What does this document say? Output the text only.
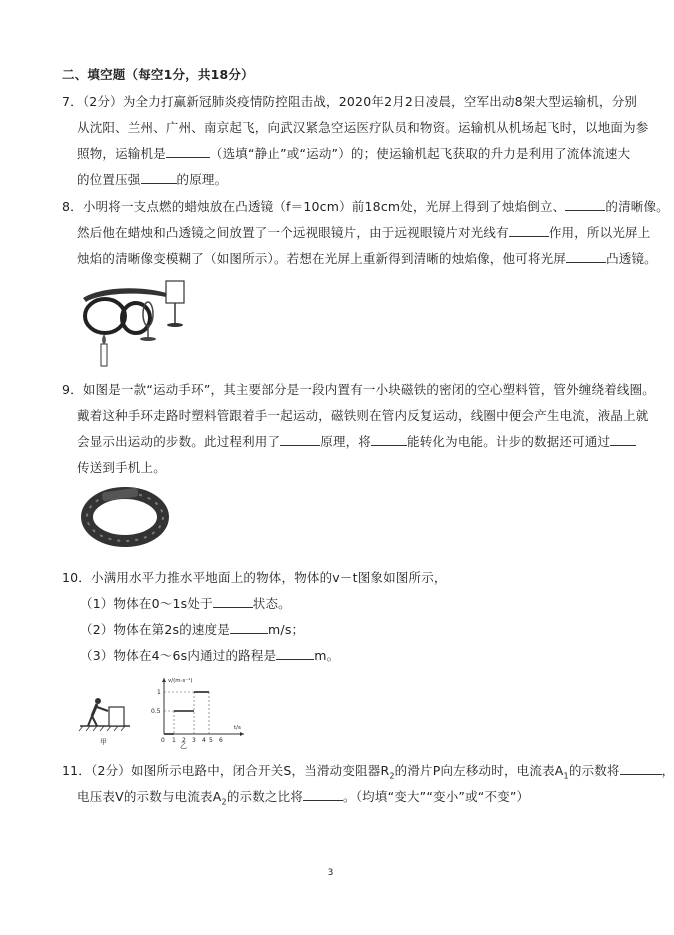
二、填空题（每空1分，共18分）
7．（2分）为全力打赢新冠肺炎疫情防控阻击战，2020年2月2日凌晨，空军出动8架大型运输机，分别
从沈阳、兰州、广州、南京起飞，向武汉紧急空运医疗队员和物资。运输机从机场起飞时，以地面为参
照物，运输机是	（选填“静止”或“运动”）的；使运输机起飞获取的升力是利用了流体流速大
的位置压强	的原理。
8．小明将一支点燃的蜡烛放在凸透镜（f＝10cm）前18cm处，光屏上得到了烛焰倒立、	的清晰像。
然后他在蜡烛和凸透镜之间放置了一个远视眼镜片，由于远视眼镜片对光线有	作用，所以光屏上
烛焰的清晰像变模糊了（如图所示）。若想在光屏上重新得到清晰的烛焰像，他可将光屏	凸透镜。
9．如图是一款“运动手环”，其主要部分是一段内置有一小块磁铁的密闭的空心塑料管，管外缠绕着线圈。
戴着这种手环走路时塑料管跟着手一起运动，磁铁则在管内反复运动，线圈中便会产生电流，液晶上就
会显示出运动的步数。此过程利用了	原理，将	能转化为电能。计步的数据还可通过
传送到手机上。
10．小满用水平力推水平地面上的物体，物体的v－t图象如图所示，
（1）物体在0～1s处于	状态。
（2）物体在第2s的速度是	m/s；
（3）物体在4～6s内通过的路程是	m。
甲
v/(m·s⁻¹)
t/s
1
0.5
0 1 2 3 4 5 6
乙
11．（2分）如图所示电路中，闭合开关S，当滑动变阻器$R_2$的滑片P向左移动时，电流表$A_1$的示数将	，
电压表V的示数与电流表$A_2$的示数之比将	。（均填“变大”“变小”或“不变”）
3
